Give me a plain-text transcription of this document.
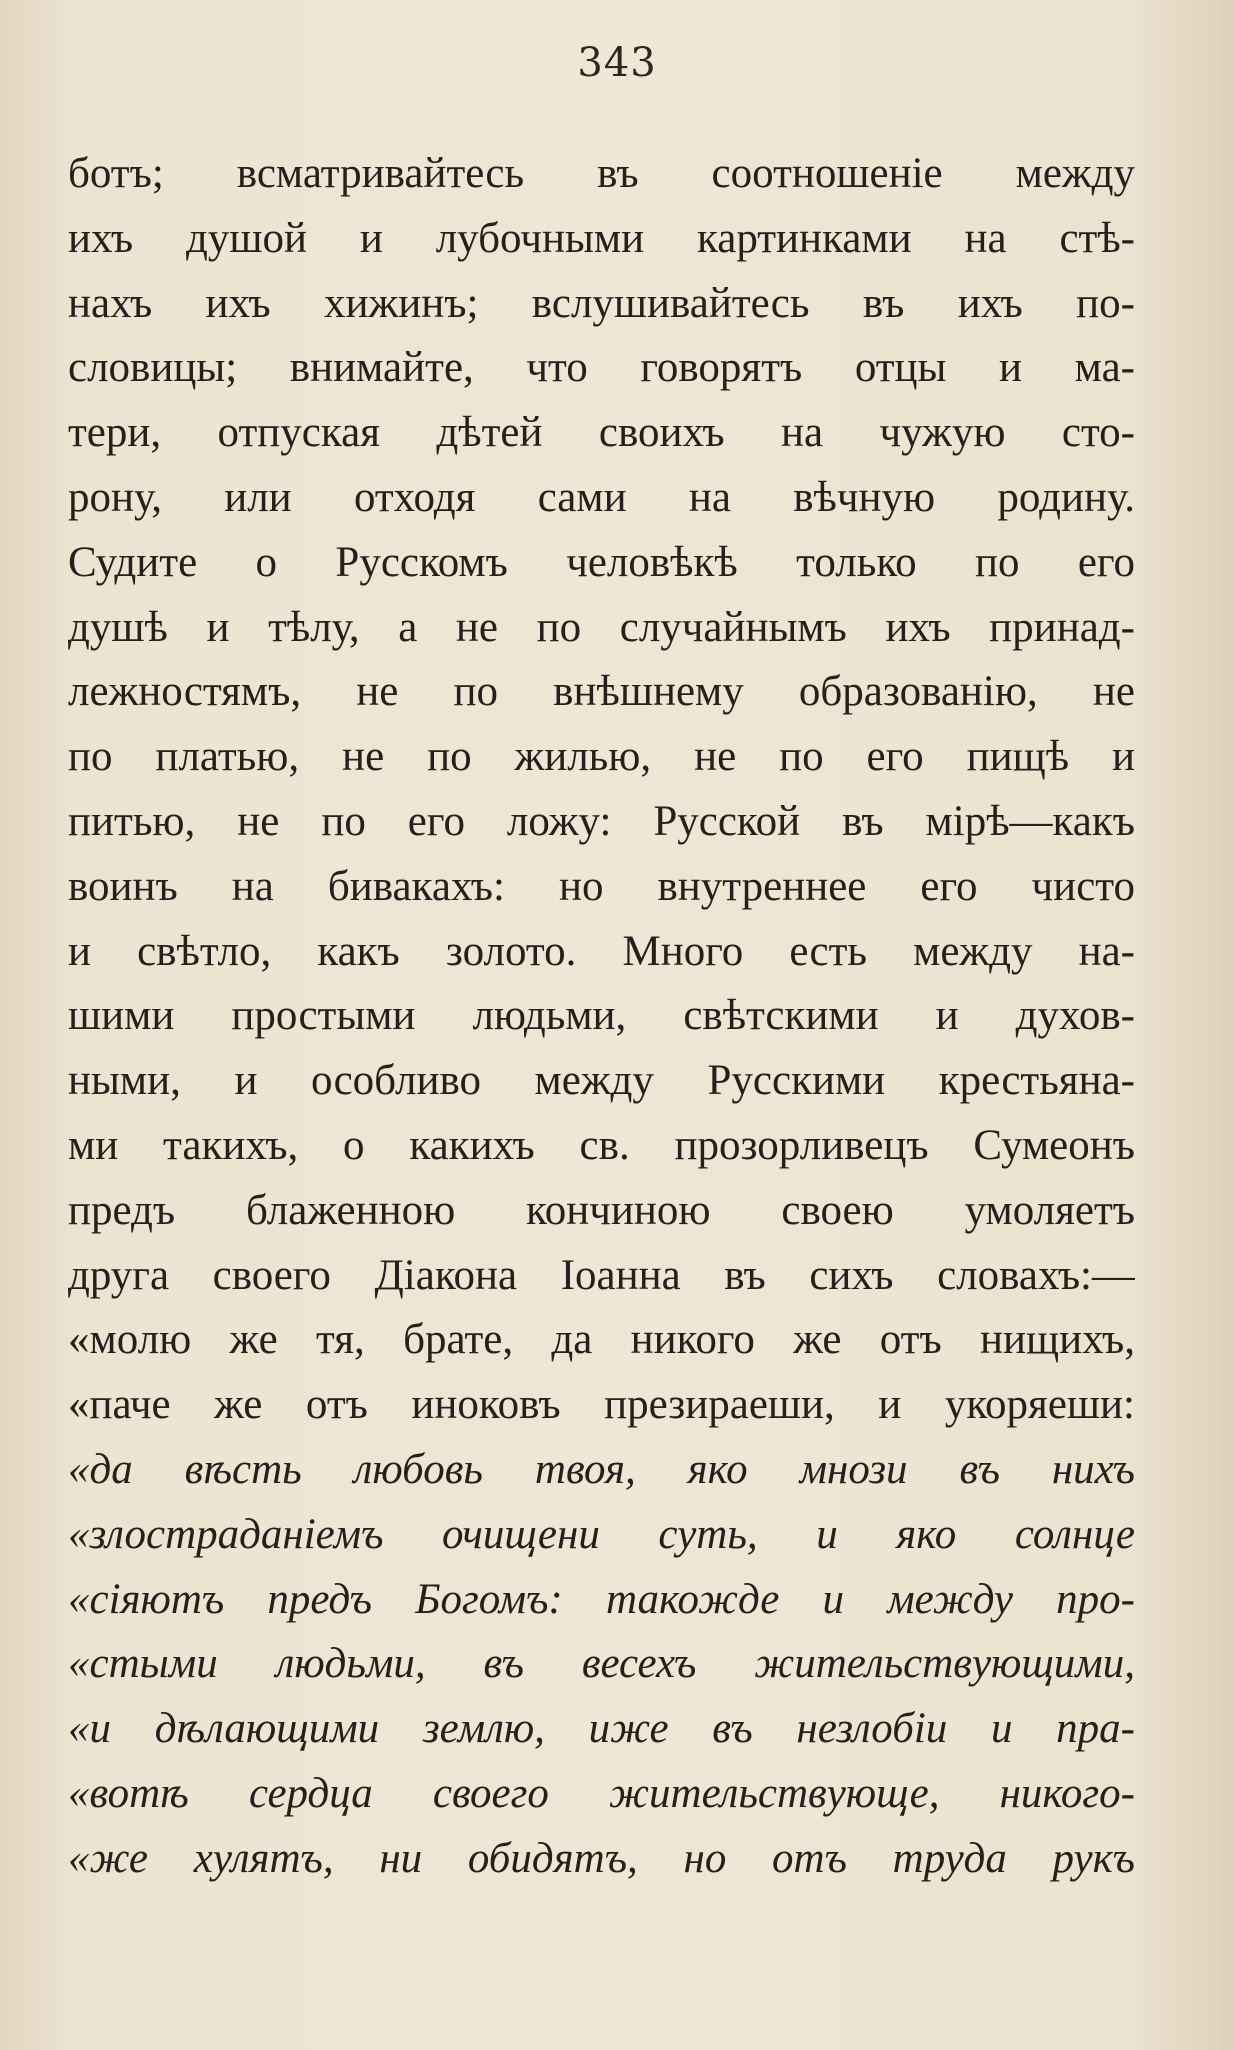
343
ботъ; всматривайтесь въ соотношеніе между
ихъ душой и лубочными картинками на стѣ-
нахъ ихъ хижинъ; вслушивайтесь въ ихъ по-
словицы; внимайте, что говорятъ отцы и ма-
тери, отпуская дѣтей своихъ на чужую сто-
рону, или отходя сами на вѣчную родину.
Судите о Русскомъ человѣкѣ только по его
душѣ и тѣлу, а не по случайнымъ ихъ принад-
лежностямъ, не по внѣшнему образованію, не
по платью, не по жилью, не по его пищѣ и
питью, не по его ложу: Русской въ мірѣ—какъ
воинъ на бивакахъ: но внутреннее его чисто
и свѣтло, какъ золото. Много есть между на-
шими простыми людьми, свѣтскими и духов-
ными, и особливо между Русскими крестьяна-
ми такихъ, о какихъ св. прозорливецъ Сумеонъ
предъ блаженною кончиною своею умоляетъ
друга своего Діакона Іоанна въ сихъ словахъ:—
«молю же тя, брате, да никого же отъ нищихъ,
«паче же отъ иноковъ презираеши, и укоряеши:
«да вѣсть любовь твоя, яко мнози въ нихъ
«злостраданіемъ очищени суть, и яко солнце
«сіяютъ предъ Богомъ: такожде и между про-
«стыми людьми, въ весехъ жительствующими,
«и дѣлающими землю, иже въ незлобіи и пра-
«вотѣ сердца своего жительствующе, никого-
«же хулятъ, ни обидятъ, но отъ труда рукъ
